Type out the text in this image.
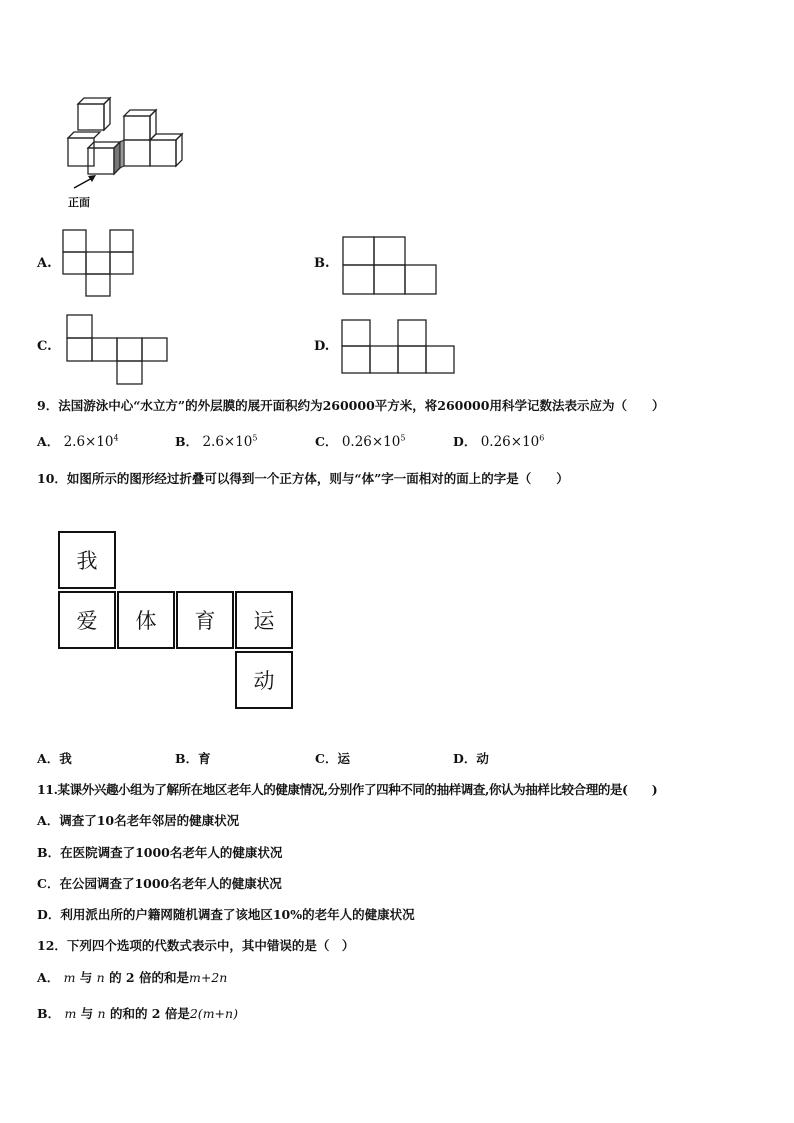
正面
A.	B.
C.	D.
9．法国游泳中心“水立方”的外层膜的展开面积约为260000平方米，将260000用科学记数法表示应为（　　）
A． $2.6\times 10^4$	B． $2.6\times 10^5$	C． $0.26\times 10^5$	D． $0.26\times 10^6$
10．如图所示的图形经过折叠可以得到一个正方体，则与“体”字一面相对的面上的字是（　　）
我
爱	体	育	运
动
A．我	B．育	C．运	D．动
11.某课外兴趣小组为了解所在地区老年人的健康情况,分别作了四种不同的抽样调查,你认为抽样比较合理的是(　　)
A．调查了10名老年邻居的健康状况
B．在医院调查了1000名老年人的健康状况
C．在公园调查了1000名老年人的健康状况
D．利用派出所的户籍网随机调查了该地区10%的老年人的健康状况
12．下列四个选项的代数式表示中，其中错误的是（　）
A． m 与 n 的 2 倍的和是m+2n
B． m 与 n 的和的 2 倍是2(m+n)
